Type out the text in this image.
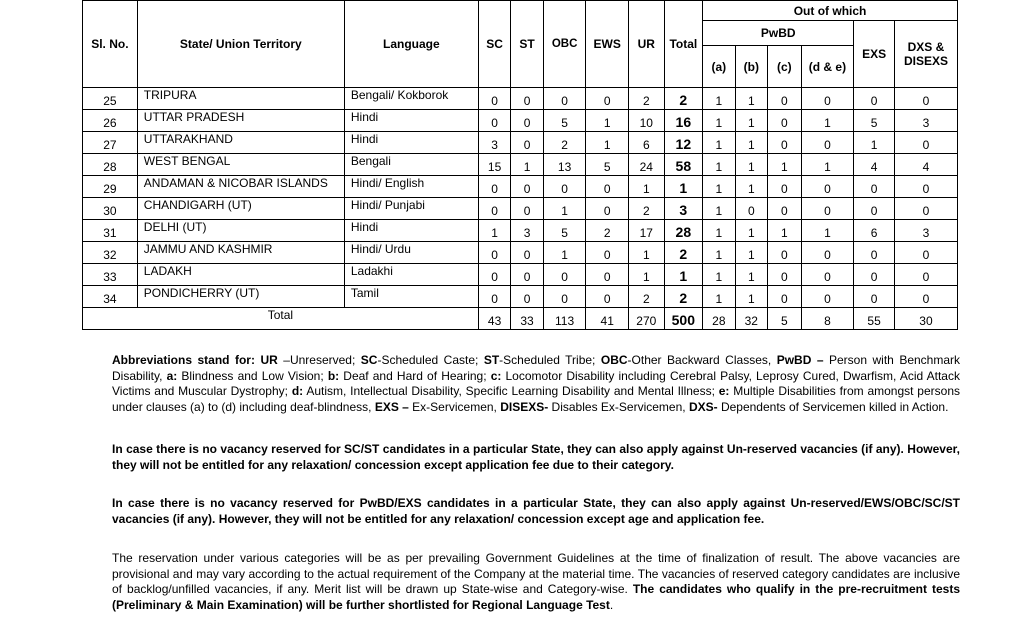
Sl. No.	State/ Union Territory	Language	SC	ST	OBC	EWS	UR	Total	Out of which					
									PwBD				EXS	DXS & DISEXS
									(a)	(b)	(c)	(d & e)		
25	TRIPURA	Bengali/ Kokborok	0	0	0	0	2	2	1	1	0	0	0	0
26	UTTAR PRADESH	Hindi	0	0	5	1	10	16	1	1	0	1	5	3
27	UTTARAKHAND	Hindi	3	0	2	1	6	12	1	1	0	0	1	0
28	WEST BENGAL	Bengali	15	1	13	5	24	58	1	1	1	1	4	4
29	ANDAMAN & NICOBAR ISLANDS	Hindi/ English	0	0	0	0	1	1	1	1	0	0	0	0
30	CHANDIGARH (UT)	Hindi/ Punjabi	0	0	1	0	2	3	1	0	0	0	0	0
31	DELHI (UT)	Hindi	1	3	5	2	17	28	1	1	1	1	6	3
32	JAMMU AND KASHMIR	Hindi/ Urdu	0	0	1	0	1	2	1	1	0	0	0	0
33	LADAKH	Ladakhi	0	0	0	0	1	1	1	1	0	0	0	0
34	PONDICHERRY (UT)	Tamil	0	0	0	0	2	2	1	1	0	0	0	0
Total			43	33	113	41	270	500	28	32	5	8	55	30

Abbreviations stand for: UR –Unreserved; SC-Scheduled Caste; ST-Scheduled Tribe; OBC-Other Backward Classes, PwBD – Person with Benchmark Disability, a: Blindness and Low Vision; b: Deaf and Hard of Hearing; c: Locomotor Disability including Cerebral Palsy, Leprosy Cured, Dwarfism, Acid Attack Victims and Muscular Dystrophy; d: Autism, Intellectual Disability, Specific Learning Disability and Mental Illness; e: Multiple Disabilities from amongst persons under clauses (a) to (d) including deaf-blindness, EXS – Ex-Servicemen, DISEXS- Disables Ex-Servicemen, DXS- Dependents of Servicemen killed in Action.

In case there is no vacancy reserved for SC/ST candidates in a particular State, they can also apply against Un-reserved vacancies (if any). However, they will not be entitled for any relaxation/ concession except application fee due to their category.

In case there is no vacancy reserved for PwBD/EXS candidates in a particular State, they can also apply against Un-reserved/EWS/OBC/SC/ST vacancies (if any). However, they will not be entitled for any relaxation/ concession except age and application fee.

The reservation under various categories will be as per prevailing Government Guidelines at the time of finalization of result. The above vacancies are provisional and may vary according to the actual requirement of the Company at the material time. The vacancies of reserved category candidates are inclusive of backlog/unfilled vacancies, if any. Merit list will be drawn up State-wise and Category-wise. The candidates who qualify in the pre-recruitment tests (Preliminary & Main Examination) will be further shortlisted for Regional Language Test.
